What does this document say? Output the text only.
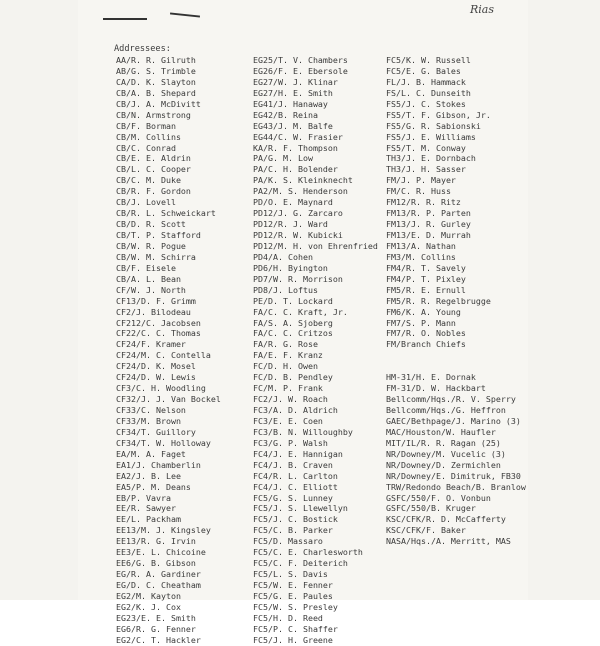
Rias
Addressees:
AA/R. R. Gilruth
AB/G. S. Trimble
CA/D. K. Slayton
CB/A. B. Shepard
CB/J. A. McDivitt
CB/N. Armstrong
CB/F. Borman
CB/M. Collins
CB/C. Conrad
CB/E. E. Aldrin
CB/L. C. Cooper
CB/C. M. Duke
CB/R. F. Gordon
CB/J. Lovell
CB/R. L. Schweickart
CB/D. R. Scott
CB/T. P. Stafford
CB/W. R. Pogue
CB/W. M. Schirra
CB/F. Eisele
CB/A. L. Bean
CF/W. J. North
CF13/D. F. Grimm
CF2/J. Bilodeau
CF212/C. Jacobsen
CF22/C. C. Thomas
CF24/F. Kramer
CF24/M. C. Contella
CF24/D. K. Mosel
CF24/D. W. Lewis
CF3/C. H. Woodling
CF32/J. J. Van Bockel
CF33/C. Nelson
CF33/M. Brown
CF34/T. Guillory
CF34/T. W. Holloway
EA/M. A. Faget
EA1/J. Chamberlin
EA2/J. B. Lee
EA5/P. M. Deans
EB/P. Vavra
EE/R. Sawyer
EE/L. Packham
EE13/M. J. Kingsley
EE13/R. G. Irvin
EE3/E. L. Chicoine
EE6/G. B. Gibson
EG/R. A. Gardiner
EG/D. C. Cheatham
EG2/M. Kayton
EG2/K. J. Cox
EG23/E. E. Smith
EG6/R. G. Fenner
EG2/C. T. Hackler
EG25/T. V. Chambers
EG26/F. E. Ebersole
EG27/W. J. Klinar
EG27/H. E. Smith
EG41/J. Hanaway
EG42/B. Reina
EG43/J. M. Balfe
EG44/C. W. Frasier
KA/R. F. Thompson
PA/G. M. Low
PA/C. H. Bolender
PA/K. S. Kleinknecht
PA2/M. S. Henderson
PD/O. E. Maynard
PD12/J. G. Zarcaro
PD12/R. J. Ward
PD12/R. W. Kubicki
PD12/M. H. von Ehrenfried
PD4/A. Cohen
PD6/H. Byington
PD7/W. R. Morrison
PD8/J. Loftus
PE/D. T. Lockard
FA/C. C. Kraft, Jr.
FA/S. A. Sjoberg
FA/C. C. Critzos
FA/R. G. Rose
FA/E. F. Kranz
FC/D. H. Owen
FC/D. B. Pendley
FC/M. P. Frank
FC2/J. W. Roach
FC3/A. D. Aldrich
FC3/E. E. Coen
FC3/B. N. Willoughby
FC3/G. P. Walsh
FC4/J. E. Hannigan
FC4/J. B. Craven
FC4/R. L. Carlton
FC4/J. C. Elliott
FC5/G. S. Lunney
FC5/J. S. Llewellyn
FC5/J. C. Bostick
FC5/C. B. Parker
FC5/D. Massaro
FC5/C. E. Charlesworth
FC5/C. F. Deiterich
FC5/L. S. Davis
FC5/W. E. Fenner
FC5/G. E. Paules
FC5/W. S. Presley
FC5/H. D. Reed
FC5/P. C. Shaffer
FC5/J. H. Greene
FC5/K. W. Russell
FC5/E. G. Bales
FL/J. B. Hammack
FS/L. C. Dunseith
FS5/J. C. Stokes
FS5/T. F. Gibson, Jr.
FS5/G. R. Sabionski
FS5/J. E. Williams
FS5/T. M. Conway
TH3/J. E. Dornbach
TH3/J. H. Sasser
FM/J. P. Mayer
FM/C. R. Huss
FM12/R. R. Ritz
FM13/R. P. Parten
FM13/J. R. Gurley
FM13/E. D. Murrah
FM13/A. Nathan
FM3/M. Collins
FM4/R. T. Savely
FM4/P. T. Pixley
FM5/R. E. Ernull
FM5/R. R. Regelbrugge
FM6/K. A. Young
FM7/S. P. Mann
FM7/R. O. Nobles
FM/Branch Chiefs
HM-31/H. E. Dornak
FM-31/D. W. Hackbart
Bellcomm/Hqs./R. V. Sperry
Bellcomm/Hqs./G. Heffron
GAEC/Bethpage/J. Marino (3)
MAC/Houston/W. Haufler
MIT/IL/R. R. Ragan (25)
NR/Downey/M. Vucelic (3)
NR/Downey/D. Zermichlen
NR/Downey/E. Dimitruk, FB30
TRW/Redondo Beach/B. Branlow
GSFC/550/F. O. Vonbun
GSFC/550/B. Kruger
KSC/CFK/R. D. McCafferty
KSC/CFK/F. Baker
NASA/Hqs./A. Merritt, MAS
